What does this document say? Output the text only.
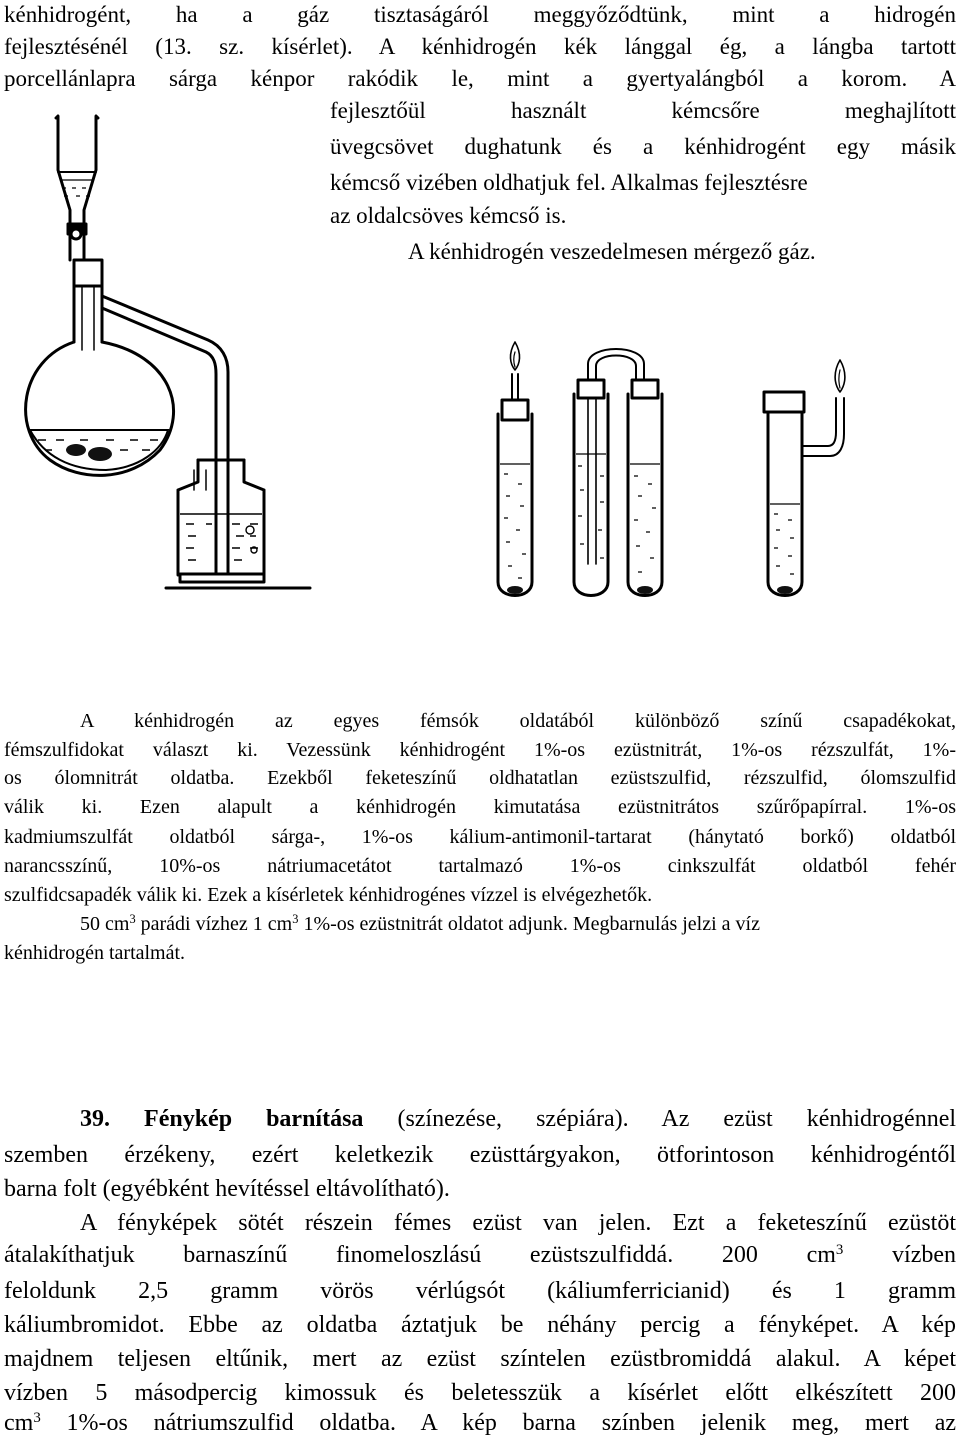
kénhidrogént, ha a gáz tisztaságáról meggyőződtünk, mint a hidrogén
fejlesztésénél (13. sz. kísérlet). A kénhidrogén kék lánggal ég, a lángba tartott
porcellánlapra sárga kénpor rakódik le, mint a gyertyalángból a korom. A
fejlesztőül használt kémcsőre meghajlított
üvegcsövet dughatunk és a kénhidrogént egy másik
kémcső vizében oldhatjuk fel. Alkalmas fejlesztésre
az oldalcsöves kémcső is.
A kénhidrogén veszedelmesen mérgező gáz.
A kénhidrogén az egyes fémsók oldatából különböző színű csapadékokat,
fémszulfidokat választ ki. Vezessünk kénhidrogént 1%-os ezüstnitrát, 1%-os rézszulfát, 1%-
os ólomnitrát oldatba. Ezekből feketeszínű oldhatatlan ezüstszulfid, rézszulfid, ólomszulfid
válik ki. Ezen alapult a kénhidrogén kimutatása ezüstnitrátos szűrőpapírral. 1%-os
kadmiumszulfát oldatból sárga-, 1%-os kálium-antimonil-tartarat (hánytató borkő) oldatból
narancsszínű, 10%-os nátriumacetátot tartalmazó 1%-os cinkszulfát oldatból fehér
szulfidcsapadék válik ki. Ezek a kísérletek kénhidrogénes vízzel is elvégezhetők.
50 $cm^3$ parádi vízhez 1 $cm^3$ 1%-os ezüstnitrát oldatot adjunk. Megbarnulás jelzi a víz
kénhidrogén tartalmát.
39. Fénykép barnítása (színezése, szépiára). Az ezüst kénhidrogénnel
szemben érzékeny, ezért keletkezik ezüsttárgyakon, ötforintoson kénhidrogéntől
barna folt (egyébként hevítéssel eltávolítható).
A fényképek sötét részein fémes ezüst van jelen. Ezt a feketeszínű ezüstöt
átalakíthatjuk barnaszínű finomeloszlású ezüstszulfiddá. 200 $cm^3$ vízben
feloldunk 2,5 gramm vörös vérlúgsót (káliumferricianid) és 1 gramm
káliumbromidot. Ebbe az oldatba áztatjuk be néhány percig a fényképet. A kép
majdnem teljesen eltűnik, mert az ezüst színtelen ezüstbromiddá alakul. A képet
vízben 5 másodpercig kimossuk és beletesszük a kísérlet előtt elkészített 200
$cm^3$ 1%-os nátriumszulfid oldatba. A kép barna színben jelenik meg, mert az
